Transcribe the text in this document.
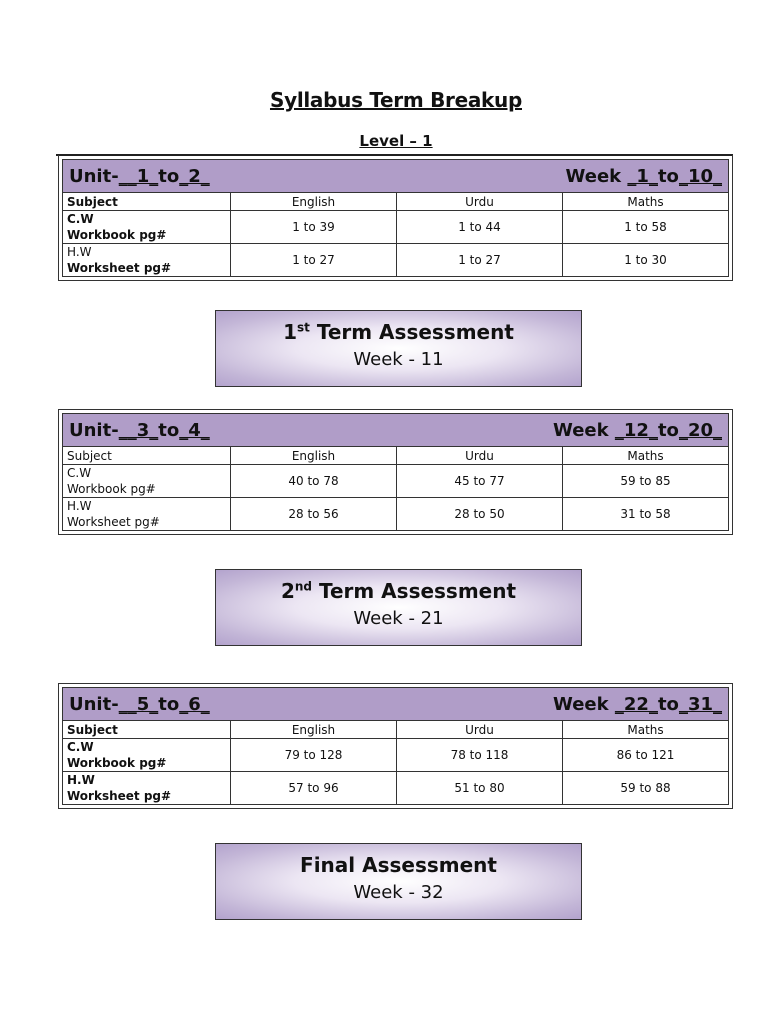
Syllabus Term Breakup
Level – 1
Unit-__1_to_2_ Week _1_to_10_			

Subject	English	Urdu	Maths

C.W
Workbook pg#	1 to 39	1 to 44	1 to 58

H.W
Worksheet pg#	1 to 27	1 to 27	1 to 30
1st Term Assessment
Week - 11
Unit-__3_to_4_ Week _12_to_20_			

Subject	English	Urdu	Maths

C.W
Workbook pg#	40 to 78	45 to 77	59 to 85

H.W
Worksheet pg#	28 to 56	28 to 50	31 to 58
2nd Term Assessment
Week - 21
Unit-__5_to_6_ Week _22_to_31_			

Subject	English	Urdu	Maths

C.W
Workbook pg#	79 to 128	78 to 118	86 to 121

H.W
Worksheet pg#	57 to 96	51 to 80	59 to 88
Final Assessment
Week - 32
